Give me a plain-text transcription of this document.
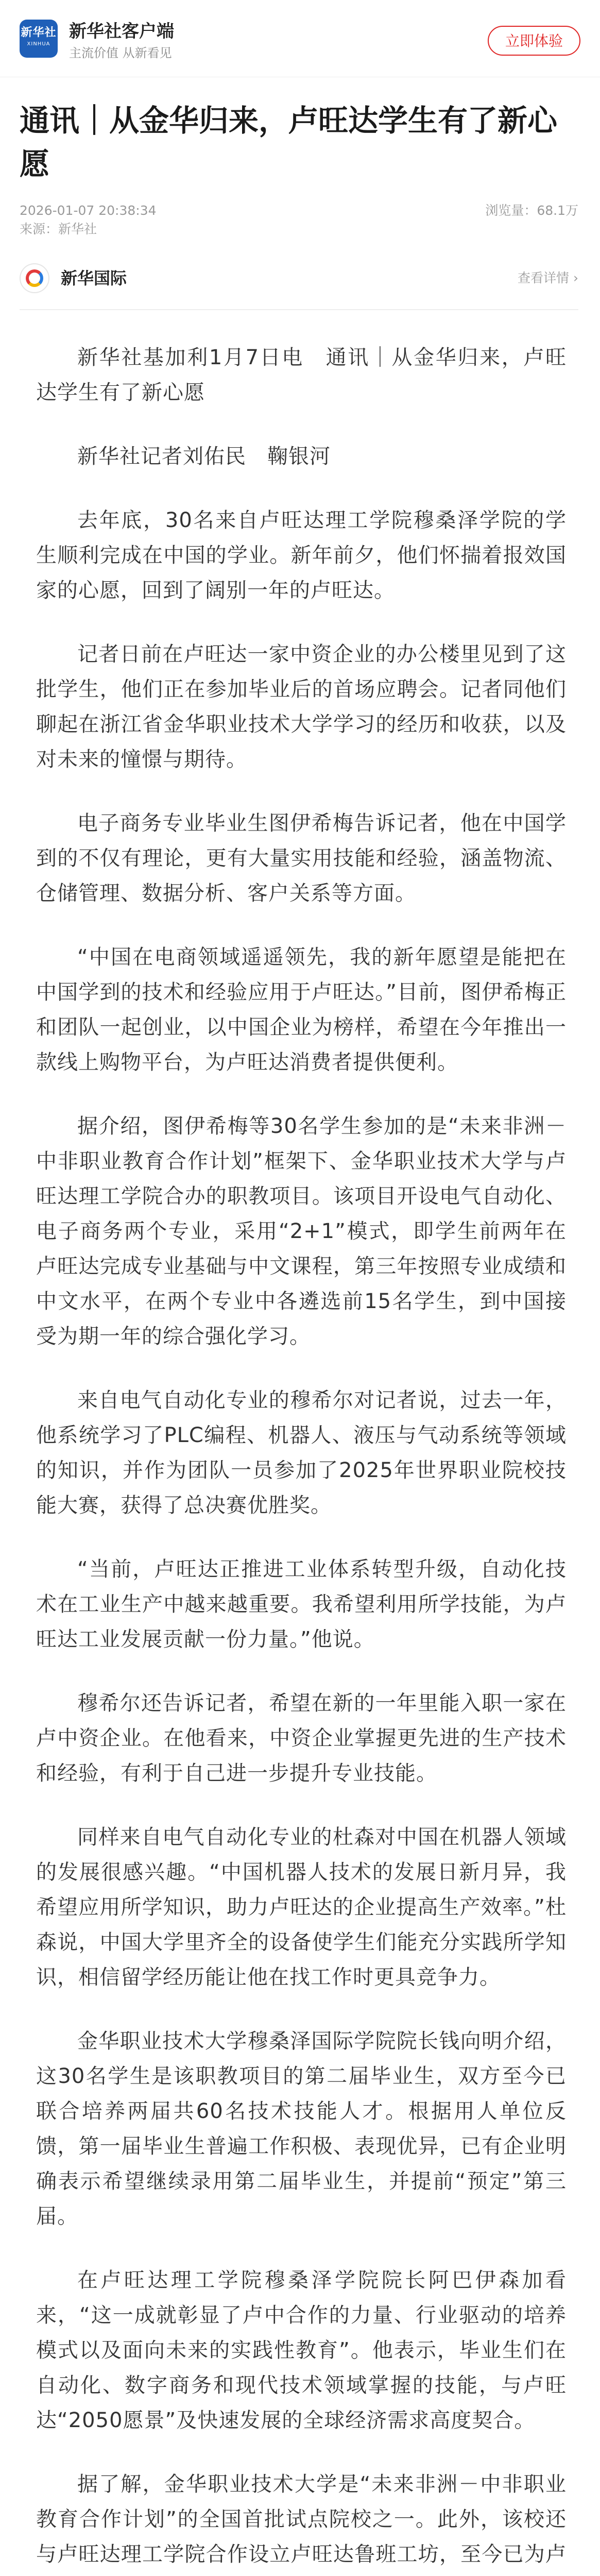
新华社
XINHUA
新华社客户端
主流价值 从新看见
立即体验
通讯｜从金华归来，卢旺达学生有了新心愿
2026-01-07 20:38:34	浏览量：68.1万
来源：新华社
新华国际	查看详情 ›

新华社基加利1月7日电　通讯｜从金华归来，卢旺达学生有了新心愿

新华社记者刘佑民　鞠银河

去年底，30名来自卢旺达理工学院穆桑泽学院的学生顺利完成在中国的学业。新年前夕，他们怀揣着报效国家的心愿，回到了阔别一年的卢旺达。

记者日前在卢旺达一家中资企业的办公楼里见到了这批学生，他们正在参加毕业后的首场应聘会。记者同他们聊起在浙江省金华职业技术大学学习的经历和收获，以及对未来的憧憬与期待。

电子商务专业毕业生图伊希梅告诉记者，他在中国学到的不仅有理论，更有大量实用技能和经验，涵盖物流、仓储管理、数据分析、客户关系等方面。

“中国在电商领域遥遥领先，我的新年愿望是能把在中国学到的技术和经验应用于卢旺达。”目前，图伊希梅正和团队一起创业，以中国企业为榜样，希望在今年推出一款线上购物平台，为卢旺达消费者提供便利。

据介绍，图伊希梅等30名学生参加的是“未来非洲－中非职业教育合作计划”框架下、金华职业技术大学与卢旺达理工学院合办的职教项目。该项目开设电气自动化、电子商务两个专业，采用“2+1”模式，即学生前两年在卢旺达完成专业基础与中文课程，第三年按照专业成绩和中文水平，在两个专业中各遴选前15名学生，到中国接受为期一年的综合强化学习。

来自电气自动化专业的穆希尔对记者说，过去一年，他系统学习了PLC编程、机器人、液压与气动系统等领域的知识，并作为团队一员参加了2025年世界职业院校技能大赛，获得了总决赛优胜奖。

“当前，卢旺达正推进工业体系转型升级，自动化技术在工业生产中越来越重要。我希望利用所学技能，为卢旺达工业发展贡献一份力量。”他说。

穆希尔还告诉记者，希望在新的一年里能入职一家在卢中资企业。在他看来，中资企业掌握更先进的生产技术和经验，有利于自己进一步提升专业技能。

同样来自电气自动化专业的杜森对中国在机器人领域的发展很感兴趣。“中国机器人技术的发展日新月异，我希望应用所学知识，助力卢旺达的企业提高生产效率。”杜森说，中国大学里齐全的设备使学生们能充分实践所学知识，相信留学经历能让他在找工作时更具竞争力。

金华职业技术大学穆桑泽国际学院院长钱向明介绍，这30名学生是该职教项目的第二届毕业生，双方至今已联合培养两届共60名技术技能人才。根据用人单位反馈，第一届毕业生普遍工作积极、表现优异，已有企业明确表示希望继续录用第二届毕业生，并提前“预定”第三届。

在卢旺达理工学院穆桑泽学院院长阿巴伊森加看来，“这一成就彰显了卢中合作的力量、行业驱动的培养模式以及面向未来的实践性教育”。他表示，毕业生们在自动化、数字商务和现代技术领域掌握的技能，与卢旺达“2050愿景”及快速发展的全球经济需求高度契合。

据了解，金华职业技术大学是“未来非洲－中非职业教育合作计划”的全国首批试点院校之一。此外，该校还与卢旺达理工学院合作设立卢旺达鲁班工坊，至今已为卢
